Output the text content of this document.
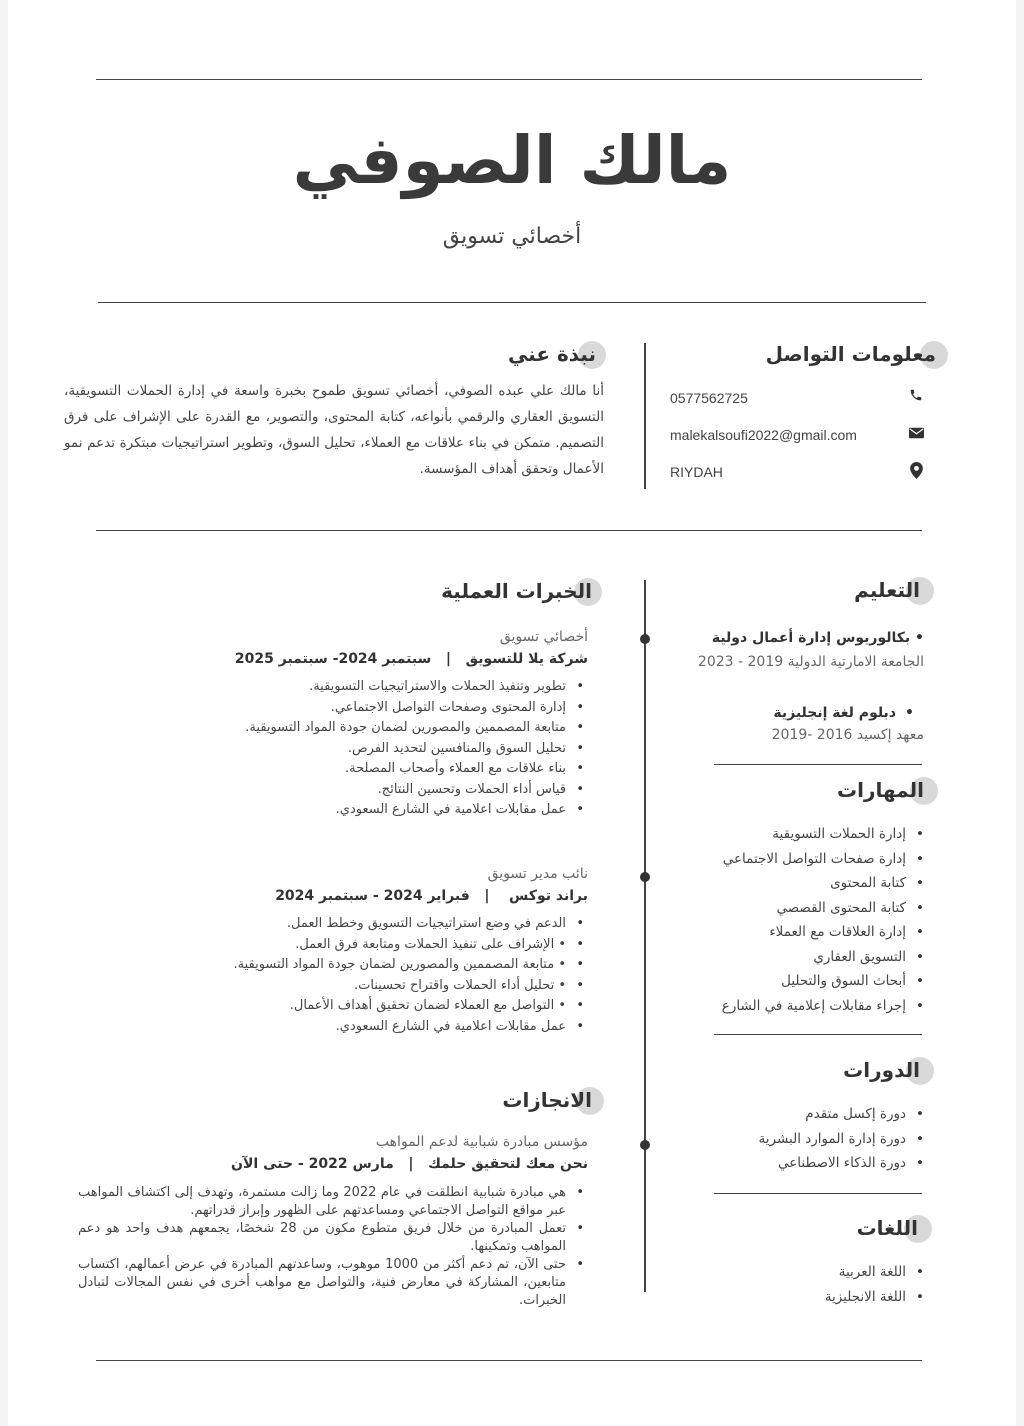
مالك الصوفي
أخصائي تسويق
معلومات التواصل
0577562725
malekalsoufi2022@gmail.com
RIYDAH
نبذة عني
أنا مالك علي عبده الصوفي، أخصائي تسويق طموح بخبرة واسعة في إدارة الحملات التسويقية، التسويق العقاري والرقمي بأنواعه، كتابة المحتوى، والتصوير، مع القدرة على الإشراف على فرق التصميم. متمكن في بناء علاقات مع العملاء، تحليل السوق، وتطوير استراتيجيات مبتكرة تدعم نمو الأعمال وتحقق أهداف المؤسسة.
التعليم
• بكالوريوس إدارة أعمال دولية
الجامعة الامارتية الدولية 2019 - 2023
• دبلوم لغة إنجليزية
معهد إكسيد 2016 -2019
المهارات
• إدارة الحملات التسويقية
• إدارة صفحات التواصل الاجتماعي
• كتابة المحتوى
• كتابة المحتوى القصصي
• إدارة العلاقات مع العملاء
• التسويق العقاري
• أبحاث السوق والتحليل
• إجراء مقابلات إعلامية في الشارع
الدورات
• دورة إكسل متقدم
• دورة إدارة الموارد البشرية
• دورة الذكاء الاصطناعي
اللغات
• اللغة العربية
• اللغة الانجليزية
الخبرات العملية
أخصائي تسويق
شركة يلا للتسويق   |   سبتمبر 2024- سبتمبر 2025
• تطوير وتنفيذ الحملات والاستراتيجيات التسويقية.
• إدارة المحتوى وصفحات التواصل الاجتماعي.
• متابعة المصممين والمصورين لضمان جودة المواد التسويقية.
• تحليل السوق والمنافسين لتحديد الفرص.
• بناء علاقات مع العملاء وأصحاب المصلحة.
• قياس أداء الحملات وتحسين النتائج.
• عمل مقابلات اعلامية في الشارع السعودي.
نائب مدير تسويق
براند توكس    |   فبراير 2024 - سبتمبر 2024
• الدعم في وضع استراتيجيات التسويق وخطط العمل.
• • الإشراف على تنفيذ الحملات ومتابعة فرق العمل.
• • متابعة المصممين والمصورين لضمان جودة المواد التسويقية.
• • تحليل أداء الحملات واقتراح تحسينات.
• • التواصل مع العملاء لضمان تحقيق أهداف الأعمال.
• عمل مقابلات اعلامية في الشارع السعودي.
الانجازات
مؤسس مبادرة شبابية لدعم المواهب
نحن معك لتحقيق حلمك   |   مارس 2022 - حتى الآن
• هي مبادرة شبابية انطلقت في عام 2022 وما زالت مستمرة، وتهدف إلى اكتشاف المواهب عبر مواقع التواصل الاجتماعي ومساعدتهم على الظهور وإبراز قدراتهم.
• تعمل المبادرة من خلال فريق متطوع مكون من 28 شخصًا، يجمعهم هدف واحد هو دعم المواهب وتمكينها.
• حتى الآن، تم دعم أكثر من 1000 موهوب، وساعدتهم المبادرة في عرض أعمالهم، اكتساب متابعين، المشاركة في معارض فنية، والتواصل مع مواهب أخرى في نفس المجالات لتبادل الخبرات.
